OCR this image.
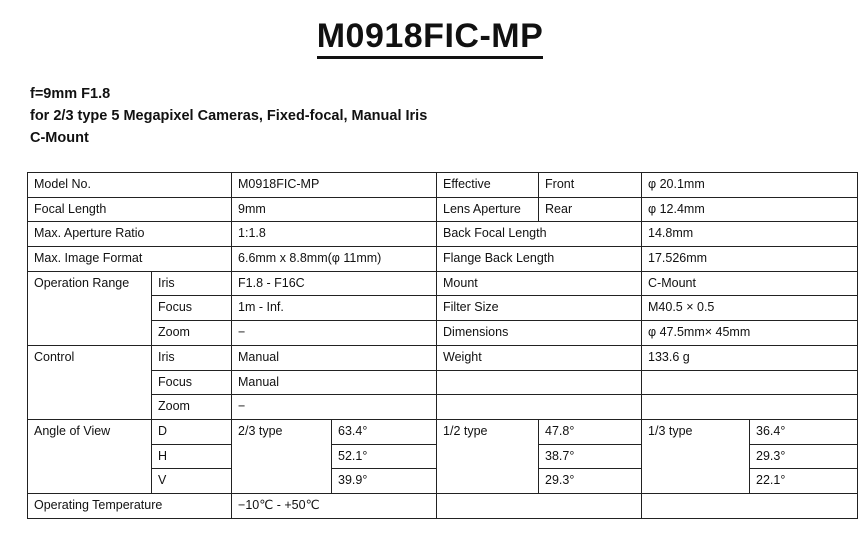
M0918FIC-MP
f=9mm F1.8
for 2/3 type 5 Megapixel Cameras, Fixed-focal, Manual Iris
C-Mount
Model No.		M0918FIC-MP		Effective	Front	φ 20.1mm	
Focal Length		9mm		Lens Aperture	Rear	φ 12.4mm	
Max. Aperture Ratio		1:1.8		Back Focal Length		14.8mm	
Max. Image Format		6.6mm x 8.8mm(φ 11mm)		Flange Back Length		17.526mm	
Operation Range	Iris	F1.8 - F16C		Mount		C-Mount	
	Focus	1m - Inf.		Filter Size		M40.5 × 0.5	
	Zoom	−		Dimensions		φ 47.5mm× 45mm	
Control	Iris	Manual		Weight		133.6 g	
	Focus	Manual					
	Zoom	−					
Angle of View	D	2/3 type	63.4°	1/2 type	47.8°	1/3 type	36.4°
	H		52.1°		38.7°		29.3°
	V		39.9°		29.3°		22.1°
Operating Temperature		−10℃ - +50℃					
